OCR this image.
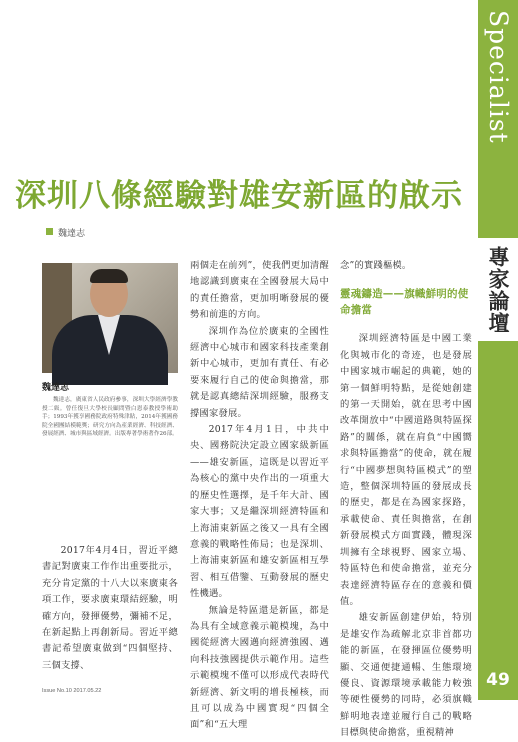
Specialist Forum
專家論壇
49
深圳八條經驗對雄安新區的啟示
魏達志
魏達志
魏達志，廣東省人民政府參事，深圳大學經濟學教授二級。曾任復旦大學校長顧問暨白恩泰教授學術助手；1993年獲享國務院政府特殊津貼，2014年獲國務院全國團結模範獎；研究方向為產業經濟、科技經濟、發展經濟、城市與區域經濟。出版專著學術著作26部。

2017年4月4日，習近平總書記對廣東工作作出重要批示，充分肯定黨的十八大以來廣東各項工作，要求廣東環結經驗，明確方向，發揮優勢，彌補不足，在新起點上再創新局。習近平總書記希望廣東做到“四個堅持、三個支撐、

兩個走在前列”，使我們更加清醒地認識到廣東在全國發展大局中的責任擔當，更加明晰發展的優勢和前進的方向。

深圳作為位於廣東的全國性經濟中心城市和國家科技產業創新中心城市，更加有責任、有必要來履行自己的使命與擔當，那就是認真總結深圳經驗，服務支撐國家發展。

2017年4月1日，中共中央、國務院決定設立國家級新區——雄安新區，這既是以習近平為核心的黨中央作出的一項重大的歷史性選擇，是千年大計、國家大事；又是繼深圳經濟特區和上海浦東新區之後又一具有全國意義的戰略性佈局；也是深圳、上海浦東新區和雄安新區相互學習、相互借鑒、互動發展的歷史性機遇。

無論是特區還是新區，都是為具有全域意義示範模塊，為中國從經濟大國邁向經濟強國、邁向科技強國提供示範作用。這些示範模塊不僅可以形成代表時代新經濟、新文明的增長極核，而且可以成為中國實現“四個全面”和“五大理

念”的實踐樞模。

靈魂鑄造——旗幟鮮明的使命擔當

深圳經濟特區是中國工業化與城市化的奇迹，也是發展中國家城市崛起的典範，她的第一個鮮明特點，是從她創建的第一天開始，就在思考中國改革開放中“中國道路與特區探路”的關係，就在肩負“中國嚮求與特區擔當”的使命，就在履行“中國夢想與特區模式”的塑造，整個深圳特區的發展成長的歷史，都是在為國家探路，承載使命、責任與擔當，在創新發展模式方面實踐，體現深圳擁有全球視野、國家立場、特區特色和使命擔當，並充分表達經濟特區存在的意義和價值。

雄安新區創建伊始，特別是雄安作為疏解北京非首都功能的新區，在發揮區位優勢明顯、交通便捷通暢、生態環境優良、資源環境承載能力較強等硬性優勢的同時，必須旗幟鮮明地表達並履行自己的戰略目標與使命擔當，重視精神

Issue No.10 2017.05.22
